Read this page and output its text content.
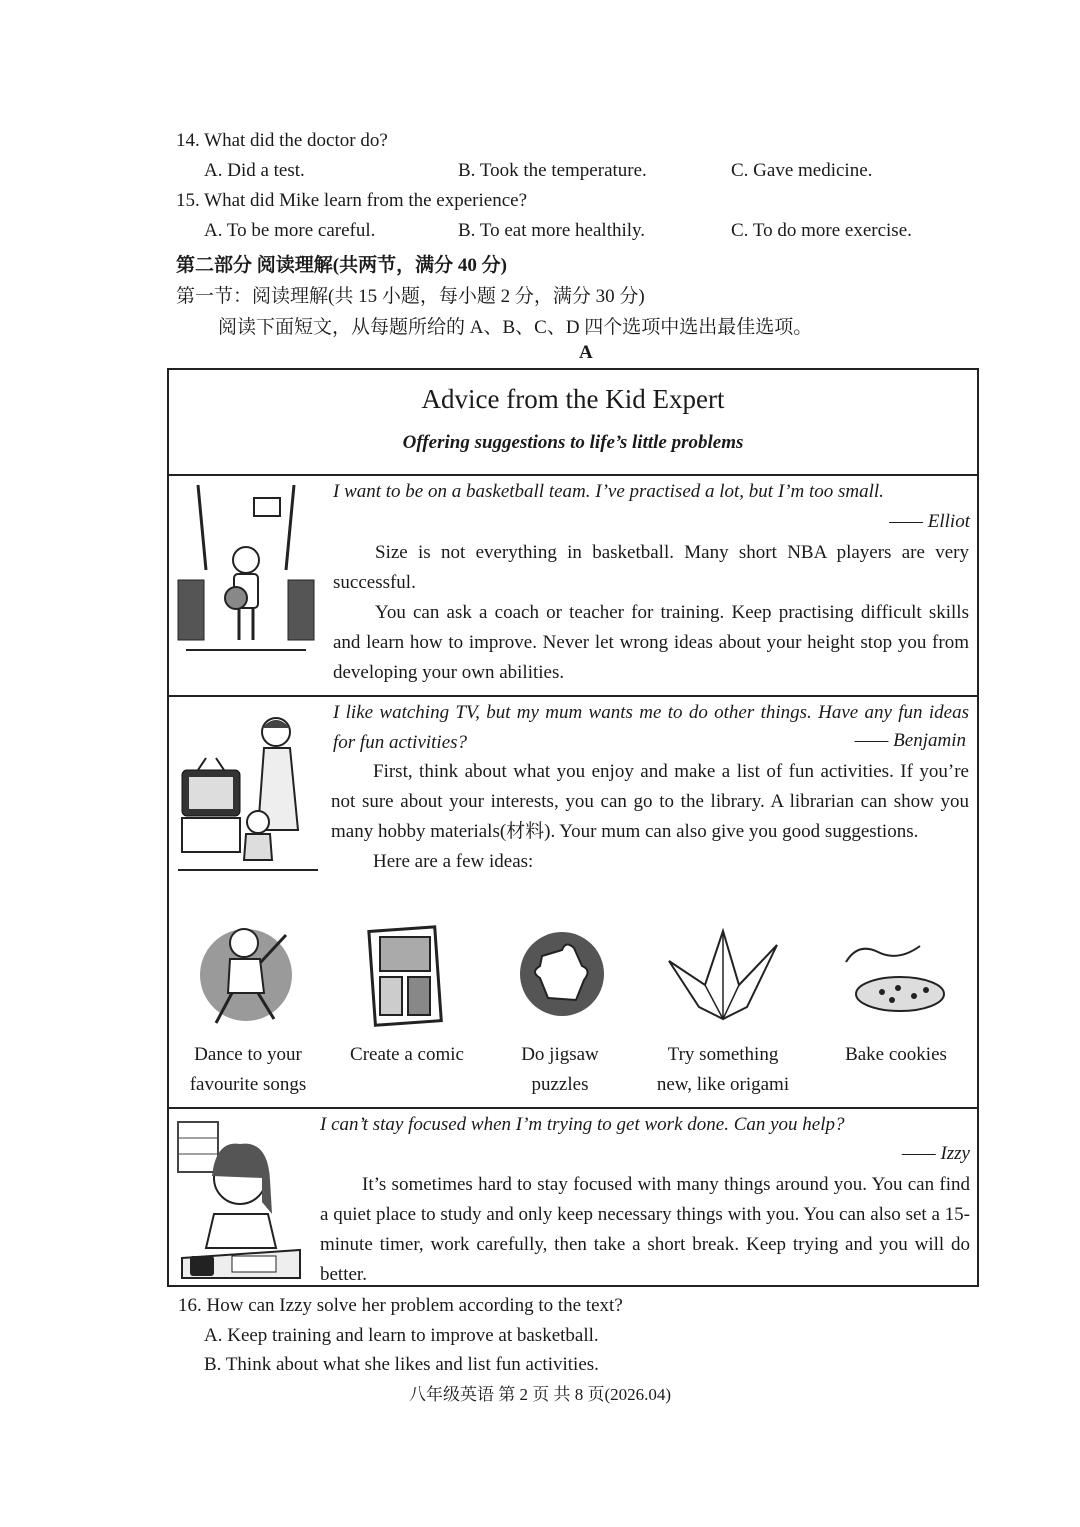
14. What did the doctor do?
A. Did a test.	B. Took the temperature.	C. Gave medicine.
15. What did Mike learn from the experience?
A. To be more careful.	B. To eat more healthily.	C. To do more exercise.
第二部分 阅读理解(共两节，满分 40 分)
第一节：阅读理解(共 15 小题，每小题 2 分，满分 30 分)
阅读下面短文，从每题所给的 A、B、C、D 四个选项中选出最佳选项。
A
Advice from the Kid Expert
Offering suggestions to life’s little problems
I want to be on a basketball team. I’ve practised a lot, but I’m too small.
—— Elliot

Size is not everything in basketball. Many short NBA players are very successful.

You can ask a coach or teacher for training. Keep practising difficult skills and learn how to improve. Never let wrong ideas about your height stop you from developing your own abilities.

I like watching TV, but my mum wants me to do other things. Have any fun ideas for fun activities?	—— Benjamin

First, think about what you enjoy and make a list of fun activities. If you’re not sure about your interests, you can go to the library. A librarian can show you many hobby materials(材料). Your mum can also give you good suggestions.

Here are a few ideas:

Dance to your
favourite songs
Create a comic	Do jigsaw
puzzles
Try something
new, like origami
Bake cookies
I can’t stay focused when I’m trying to get work done. Can you help?
—— Izzy

It’s sometimes hard to stay focused with many things around you. You can find a quiet place to study and only keep necessary things with you. You can also set a 15-minute timer, work carefully, then take a short break. Keep trying and you will do better.

16. How can Izzy solve her problem according to the text?
A. Keep training and learn to improve at basketball.
B. Think about what she likes and list fun activities.
八年级英语 第 2 页 共 8 页(2026.04)
